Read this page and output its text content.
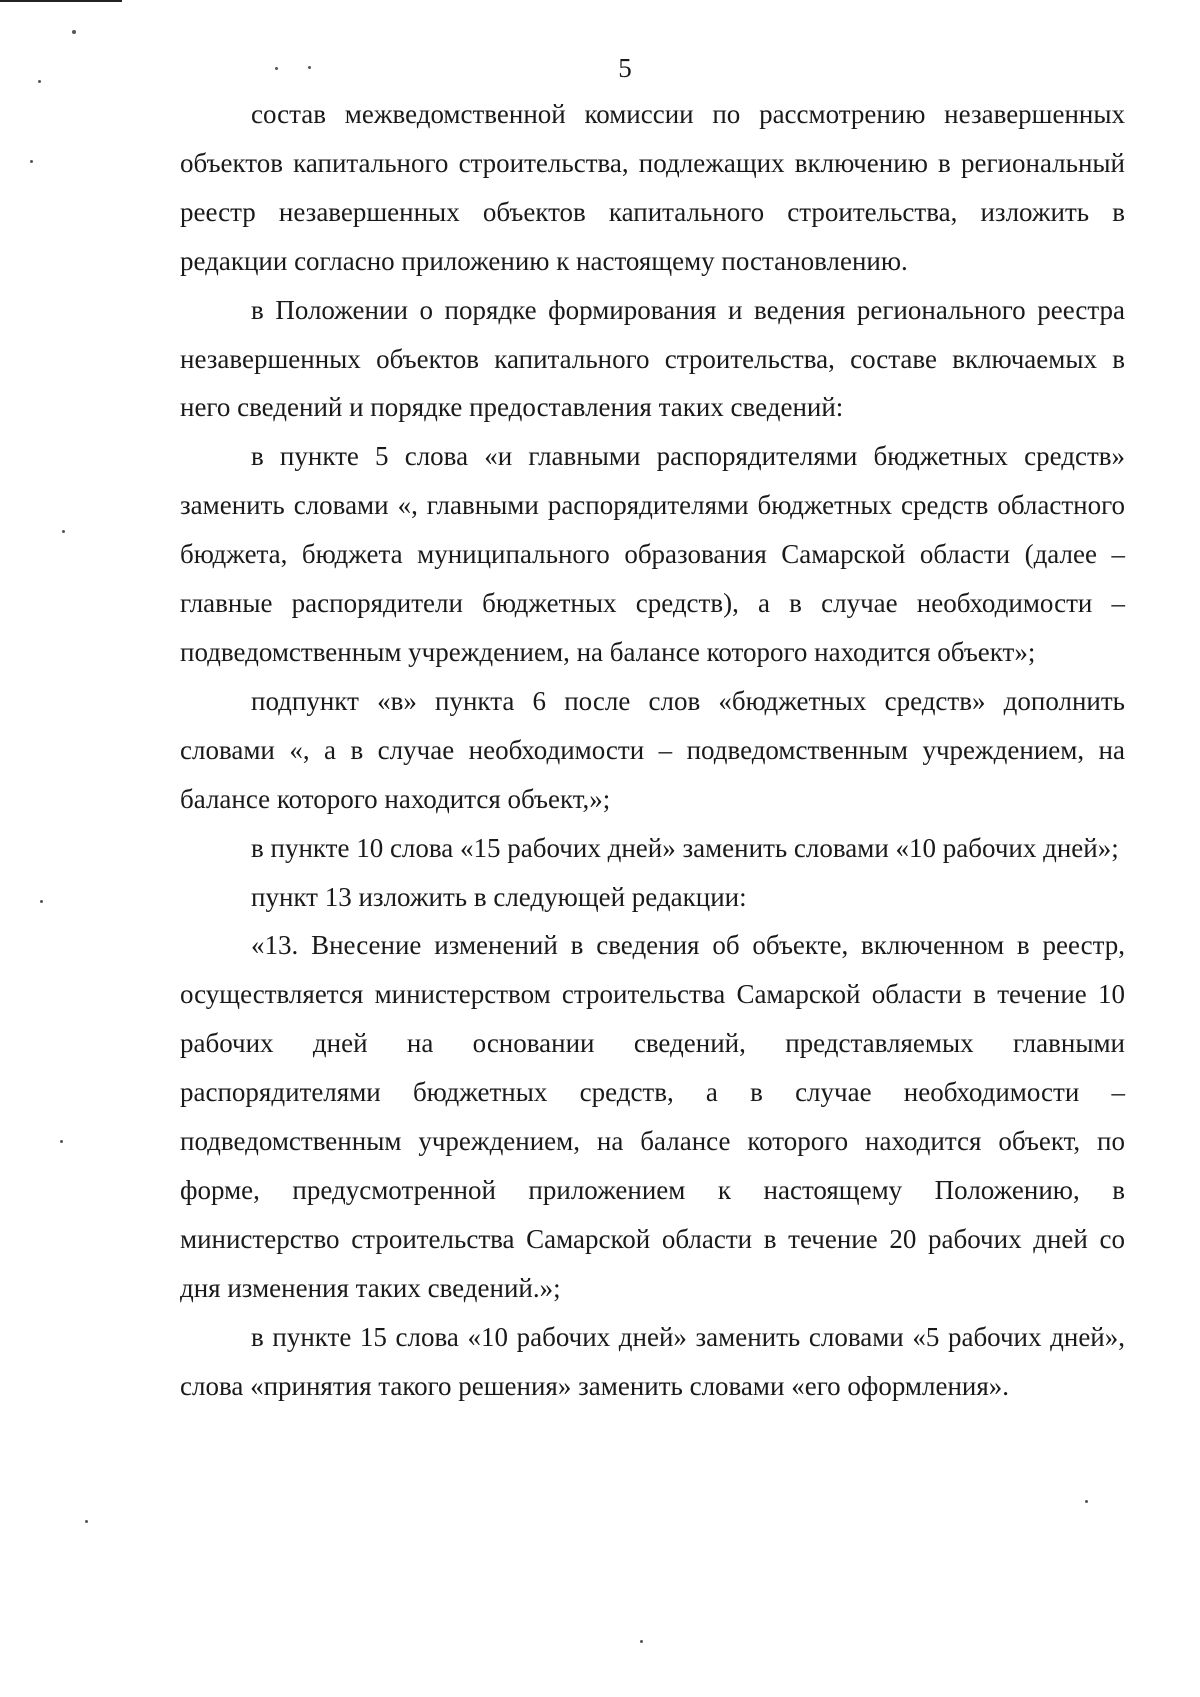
5

состав межведомственной комиссии по рассмотрению незавершенных объектов капитального строительства, подлежащих включению в региональный реестр незавершенных объектов капитального строительства, изложить в редакции согласно приложению к настоящему постановлению.

в Положении о порядке формирования и ведения регионального реестра незавершенных объектов капитального строительства, составе включаемых в него сведений и порядке предоставления таких сведений:

в пункте 5 слова «и главными распорядителями бюджетных средств» заменить словами «, главными распорядителями бюджетных средств областного бюджета, бюджета муниципального образования Самарской области (далее – главные распорядители бюджетных средств), а в случае необходимости – подведомственным учреждением, на балансе которого находится объект»;

подпункт «в» пункта 6 после слов «бюджетных средств» дополнить словами «, а в случае необходимости – подведомственным учреждением, на балансе которого находится объект,»;

в пункте 10 слова «15 рабочих дней» заменить словами «10 рабочих дней»;

пункт 13 изложить в следующей редакции:

«13. Внесение изменений в сведения об объекте, включенном в реестр, осуществляется министерством строительства Самарской области в течение 10 рабочих дней на основании сведений, представляемых главными распорядителями бюджетных средств, а в случае необходимости – подведомственным учреждением, на балансе которого находится объект, по форме, предусмотренной приложением к настоящему Положению, в министерство строительства Самарской области в течение 20 рабочих дней со дня изменения таких сведений.»;

в пункте 15 слова «10 рабочих дней» заменить словами «5 рабочих дней», слова «принятия такого решения» заменить словами «его оформления».
